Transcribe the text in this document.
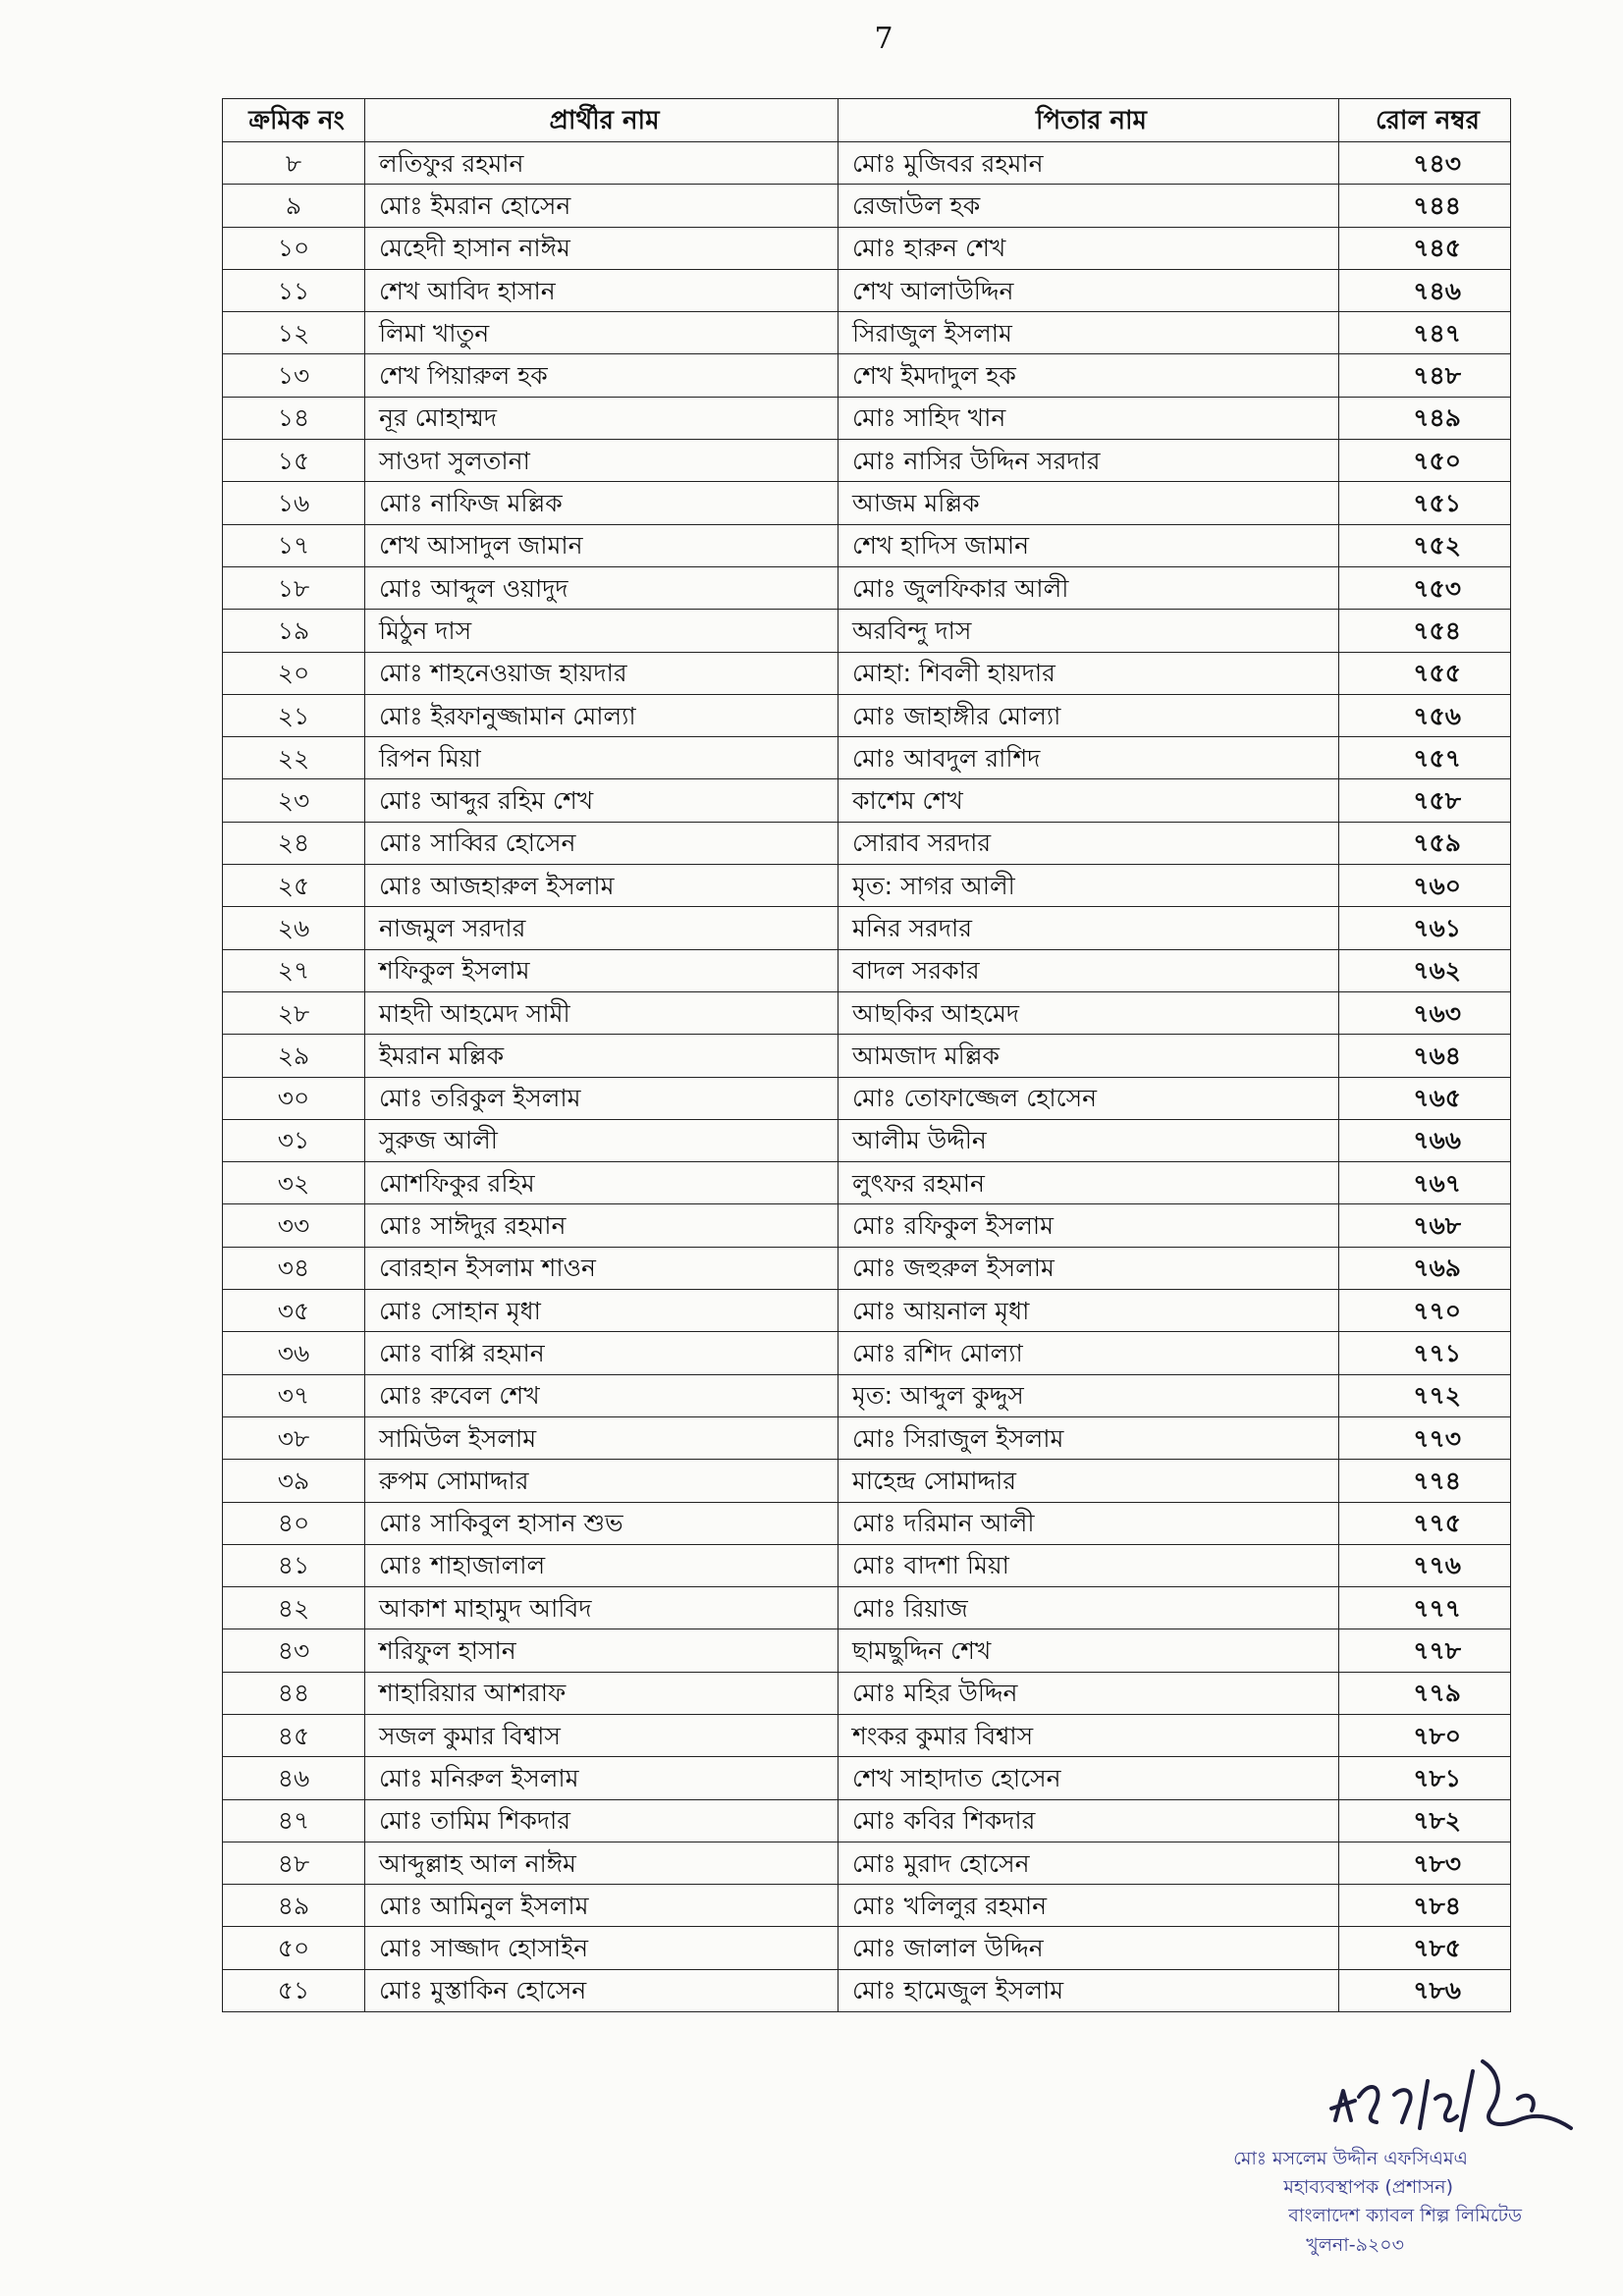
7
ক্রমিক নং	প্রার্থীর নাম	পিতার নাম	রোল নম্বর
৮	লতিফুর রহমান	মোঃ মুজিবর রহমান	৭৪৩
৯	মোঃ ইমরান হোসেন	রেজাউল হক	৭৪৪
১০	মেহেদী হাসান নাঈম	মোঃ হারুন শেখ	৭৪৫
১১	শেখ আবিদ হাসান	শেখ আলাউদ্দিন	৭৪৬
১২	লিমা খাতুন	সিরাজুল ইসলাম	৭৪৭
১৩	শেখ পিয়ারুল হক	শেখ ইমদাদুল হক	৭৪৮
১৪	নূর মোহাম্মদ	মোঃ সাহিদ খান	৭৪৯
১৫	সাওদা সুলতানা	মোঃ নাসির উদ্দিন সরদার	৭৫০
১৬	মোঃ নাফিজ মল্লিক	আজম মল্লিক	৭৫১
১৭	শেখ আসাদুল জামান	শেখ হাদিস জামান	৭৫২
১৮	মোঃ আব্দুল ওয়াদুদ	মোঃ জুলফিকার আলী	৭৫৩
১৯	মিঠুন দাস	অরবিন্দু দাস	৭৫৪
২০	মোঃ শাহনেওয়াজ হায়দার	মোহা: শিবলী হায়দার	৭৫৫
২১	মোঃ ইরফানুজ্জামান মোল্যা	মোঃ জাহাঙ্গীর মোল্যা	৭৫৬
২২	রিপন মিয়া	মোঃ আবদুল রাশিদ	৭৫৭
২৩	মোঃ আব্দুর রহিম শেখ	কাশেম শেখ	৭৫৮
২৪	মোঃ সাব্বির হোসেন	সোরাব সরদার	৭৫৯
২৫	মোঃ আজহারুল ইসলাম	মৃত: সাগর আলী	৭৬০
২৬	নাজমুল সরদার	মনির সরদার	৭৬১
২৭	শফিকুল ইসলাম	বাদল সরকার	৭৬২
২৮	মাহদী আহমেদ সামী	আছকির আহমেদ	৭৬৩
২৯	ইমরান মল্লিক	আমজাদ মল্লিক	৭৬৪
৩০	মোঃ তরিকুল ইসলাম	মোঃ তোফাজ্জেল হোসেন	৭৬৫
৩১	সুরুজ আলী	আলীম উদ্দীন	৭৬৬
৩২	মোশফিকুর রহিম	লুৎফর রহমান	৭৬৭
৩৩	মোঃ সাঈদুর রহমান	মোঃ রফিকুল ইসলাম	৭৬৮
৩৪	বোরহান ইসলাম শাওন	মোঃ জহুরুল ইসলাম	৭৬৯
৩৫	মোঃ সোহান মৃধা	মোঃ আয়নাল মৃধা	৭৭০
৩৬	মোঃ বাপ্পি রহমান	মোঃ রশিদ মোল্যা	৭৭১
৩৭	মোঃ রুবেল শেখ	মৃত: আব্দুল কুদ্দুস	৭৭২
৩৮	সামিউল ইসলাম	মোঃ সিরাজুল ইসলাম	৭৭৩
৩৯	রুপম সোমাদ্দার	মাহেন্দ্র সোমাদ্দার	৭৭৪
৪০	মোঃ সাকিবুল হাসান শুভ	মোঃ দরিমান আলী	৭৭৫
৪১	মোঃ শাহাজালাল	মোঃ বাদশা মিয়া	৭৭৬
৪২	আকাশ মাহামুদ আবিদ	মোঃ রিয়াজ	৭৭৭
৪৩	শরিফুল হাসান	ছামছুদ্দিন শেখ	৭৭৮
৪৪	শাহারিয়ার আশরাফ	মোঃ মহির উদ্দিন	৭৭৯
৪৫	সজল কুমার বিশ্বাস	শংকর কুমার বিশ্বাস	৭৮০
৪৬	মোঃ মনিরুল ইসলাম	শেখ সাহাদাত হোসেন	৭৮১
৪৭	মোঃ তামিম শিকদার	মোঃ কবির শিকদার	৭৮২
৪৮	আব্দুল্লাহ আল নাঈম	মোঃ মুরাদ হোসেন	৭৮৩
৪৯	মোঃ আমিনুল ইসলাম	মোঃ খলিলুর রহমান	৭৮৪
৫০	মোঃ সাজ্জাদ হোসাইন	মোঃ জালাল উদ্দিন	৭৮৫
৫১	মোঃ মুস্তাকিন হোসেন	মোঃ হামেজুল ইসলাম	৭৮৬
মোঃ মসলেম উদ্দীন এফসিএমএ
মহাব্যবস্থাপক (প্রশাসন)
বাংলাদেশ ক্যাবল শিল্প লিমিটেড
খুলনা-৯২০৩
